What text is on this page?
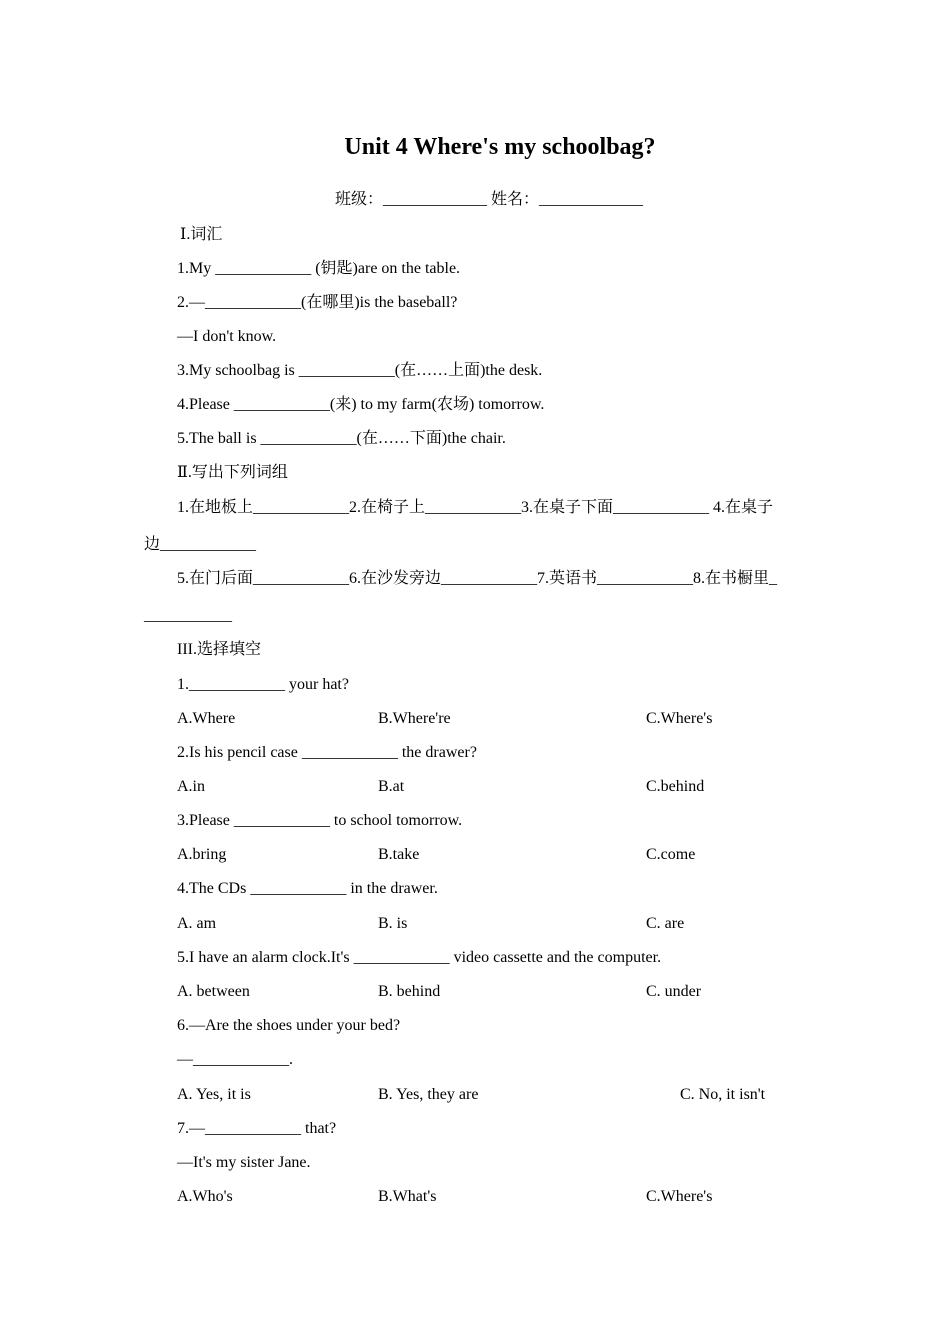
Unit 4 Where's my schoolbag?
班级：_____________ 姓名：_____________
Ⅰ.词汇
1.My ____________ (钥匙)are on the table.
2.—____________(在哪里)is the baseball?
—I don't know.
3.My schoolbag is ____________(在……上面)the desk.
4.Please ____________(来) to my farm(农场) tomorrow.
5.The ball is ____________(在……下面)the chair.
Ⅱ.写出下列词组
1.在地板上____________2.在椅子上____________3.在桌子下面____________ 4.在桌子
边____________
5.在门后面____________6.在沙发旁边____________7.英语书____________8.在书橱里_
___________
III.选择填空
1.____________ your hat?
A.Where	B.Where're	C.Where's
2.Is his pencil case ____________ the drawer?
A.in	B.at	C.behind
3.Please ____________ to school tomorrow.
A.bring	B.take	C.come
4.The CDs ____________ in the drawer.
A. am	B. is	C. are
5.I have an alarm clock.It's ____________ video cassette and the computer.
A. between	B. behind	C. under
6.—Are the shoes under your bed?
—____________.
A. Yes, it is	B. Yes, they are	C. No, it isn't
7.—____________ that?
—It's my sister Jane.
A.Who's	B.What's	C.Where's
